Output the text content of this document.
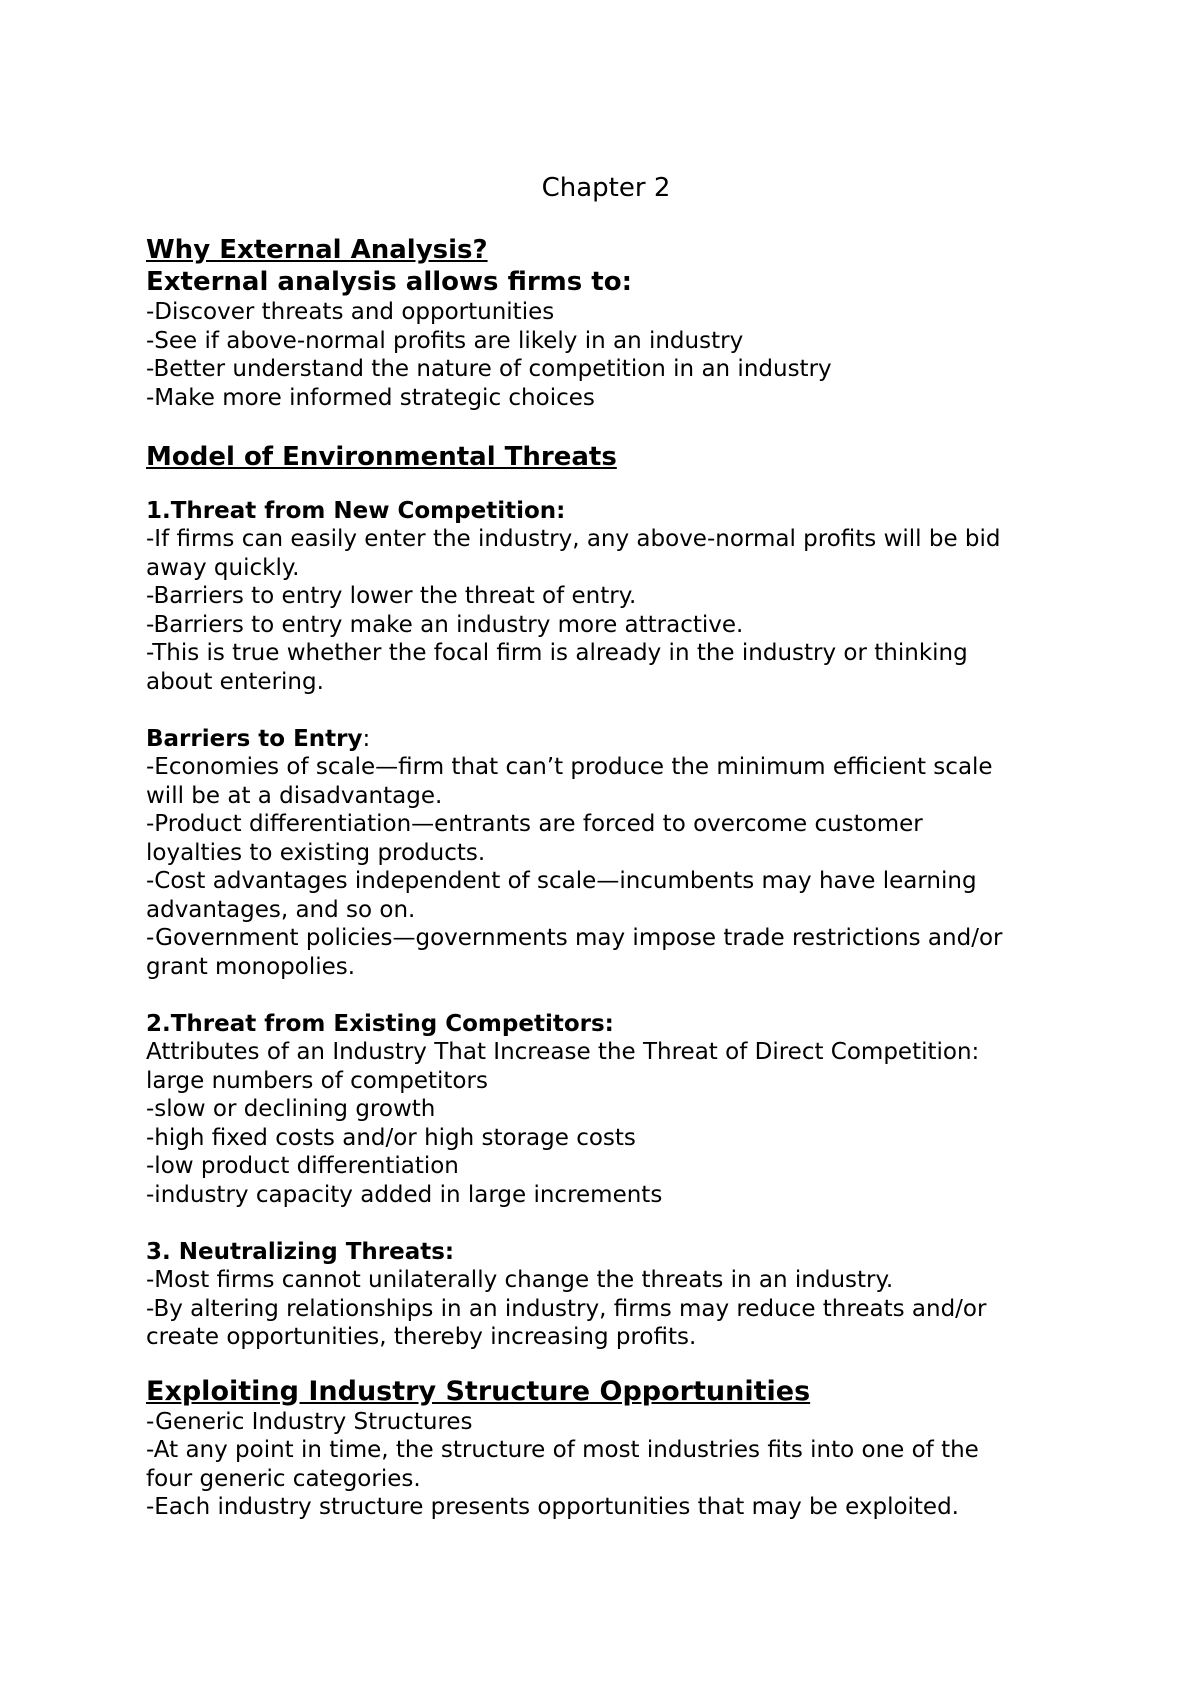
Chapter 2
Why External Analysis?
External analysis allows firms to:
-Discover threats and opportunities
-See if above-normal profits are likely in an industry
-Better understand the nature of competition in an industry
-Make more informed strategic choices
Model of Environmental Threats
1.Threat from New Competition:
-If firms can easily enter the industry, any above-normal profits will be bid
away quickly.
-Barriers to entry lower the threat of entry.
-Barriers to entry make an industry more attractive.
-This is true whether the focal firm is already in the industry or thinking
about entering.
Barriers to Entry:
-Economies of scale—firm that can’t produce the minimum efficient scale
will be at a disadvantage.
-Product differentiation—entrants are forced to overcome customer
loyalties to existing products.
-Cost advantages independent of scale—incumbents may have learning
advantages, and so on.
-Government policies—governments may impose trade restrictions and/or
grant monopolies.
2.Threat from Existing Competitors:
Attributes of an Industry That Increase the Threat of Direct Competition:
large numbers of competitors
-slow or declining growth
-high fixed costs and/or high storage costs
-low product differentiation
-industry capacity added in large increments
3. Neutralizing Threats:
-Most firms cannot unilaterally change the threats in an industry.
-By altering relationships in an industry, firms may reduce threats and/or
create opportunities, thereby increasing profits.
Exploiting Industry Structure Opportunities
-Generic Industry Structures
-At any point in time, the structure of most industries fits into one of the
four generic categories.
-Each industry structure presents opportunities that may be exploited.
